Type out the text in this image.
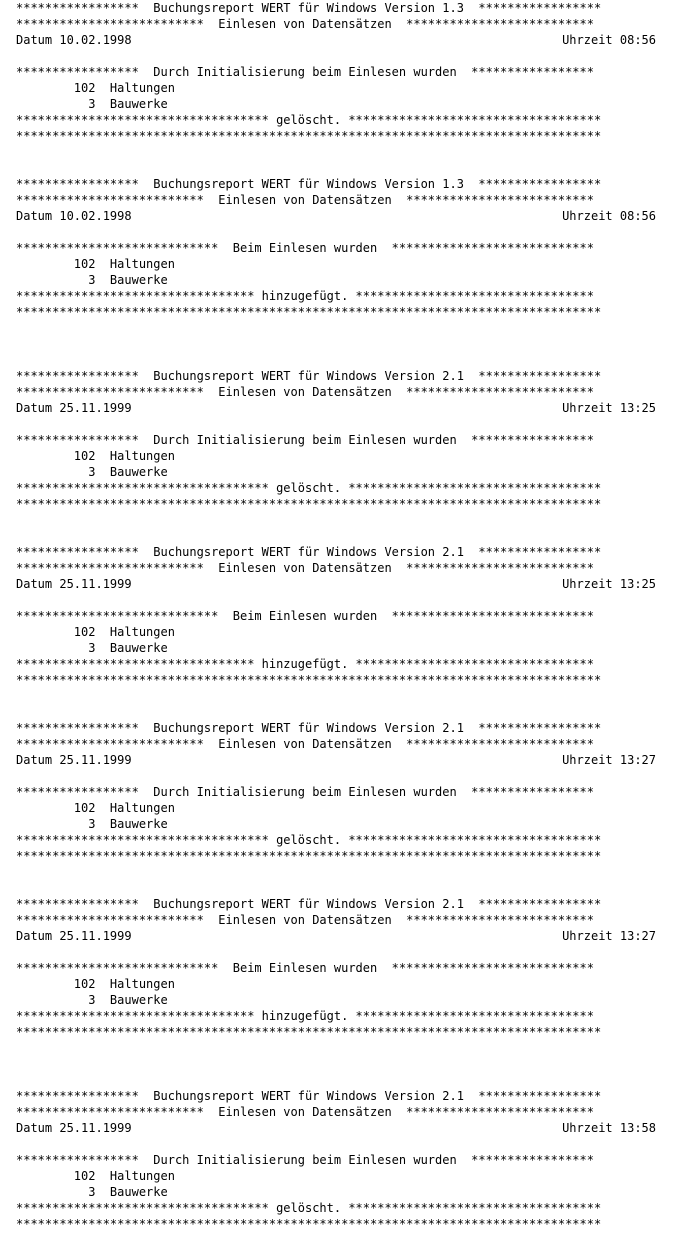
*****************  Buchungsreport WERT für Windows Version 1.3  *****************
**************************  Einlesen von Datensätzen  **************************
Datum 10.02.1998	Uhrzeit 08:56
*****************  Durch Initialisierung beim Einlesen wurden  *****************
102  Haltungen
3  Bauwerke
*********************************** gelöscht. ***********************************
*********************************************************************************
*****************  Buchungsreport WERT für Windows Version 1.3  *****************
**************************  Einlesen von Datensätzen  **************************
Datum 10.02.1998	Uhrzeit 08:56
****************************  Beim Einlesen wurden  ****************************
102  Haltungen
3  Bauwerke
********************************* hinzugefügt. *********************************
*********************************************************************************
*****************  Buchungsreport WERT für Windows Version 2.1  *****************
**************************  Einlesen von Datensätzen  **************************
Datum 25.11.1999	Uhrzeit 13:25
*****************  Durch Initialisierung beim Einlesen wurden  *****************
102  Haltungen
3  Bauwerke
*********************************** gelöscht. ***********************************
*********************************************************************************
*****************  Buchungsreport WERT für Windows Version 2.1  *****************
**************************  Einlesen von Datensätzen  **************************
Datum 25.11.1999	Uhrzeit 13:25
****************************  Beim Einlesen wurden  ****************************
102  Haltungen
3  Bauwerke
********************************* hinzugefügt. *********************************
*********************************************************************************
*****************  Buchungsreport WERT für Windows Version 2.1  *****************
**************************  Einlesen von Datensätzen  **************************
Datum 25.11.1999	Uhrzeit 13:27
*****************  Durch Initialisierung beim Einlesen wurden  *****************
102  Haltungen
3  Bauwerke
*********************************** gelöscht. ***********************************
*********************************************************************************
*****************  Buchungsreport WERT für Windows Version 2.1  *****************
**************************  Einlesen von Datensätzen  **************************
Datum 25.11.1999	Uhrzeit 13:27
****************************  Beim Einlesen wurden  ****************************
102  Haltungen
3  Bauwerke
********************************* hinzugefügt. *********************************
*********************************************************************************
*****************  Buchungsreport WERT für Windows Version 2.1  *****************
**************************  Einlesen von Datensätzen  **************************
Datum 25.11.1999	Uhrzeit 13:58
*****************  Durch Initialisierung beim Einlesen wurden  *****************
102  Haltungen
3  Bauwerke
*********************************** gelöscht. ***********************************
*********************************************************************************
